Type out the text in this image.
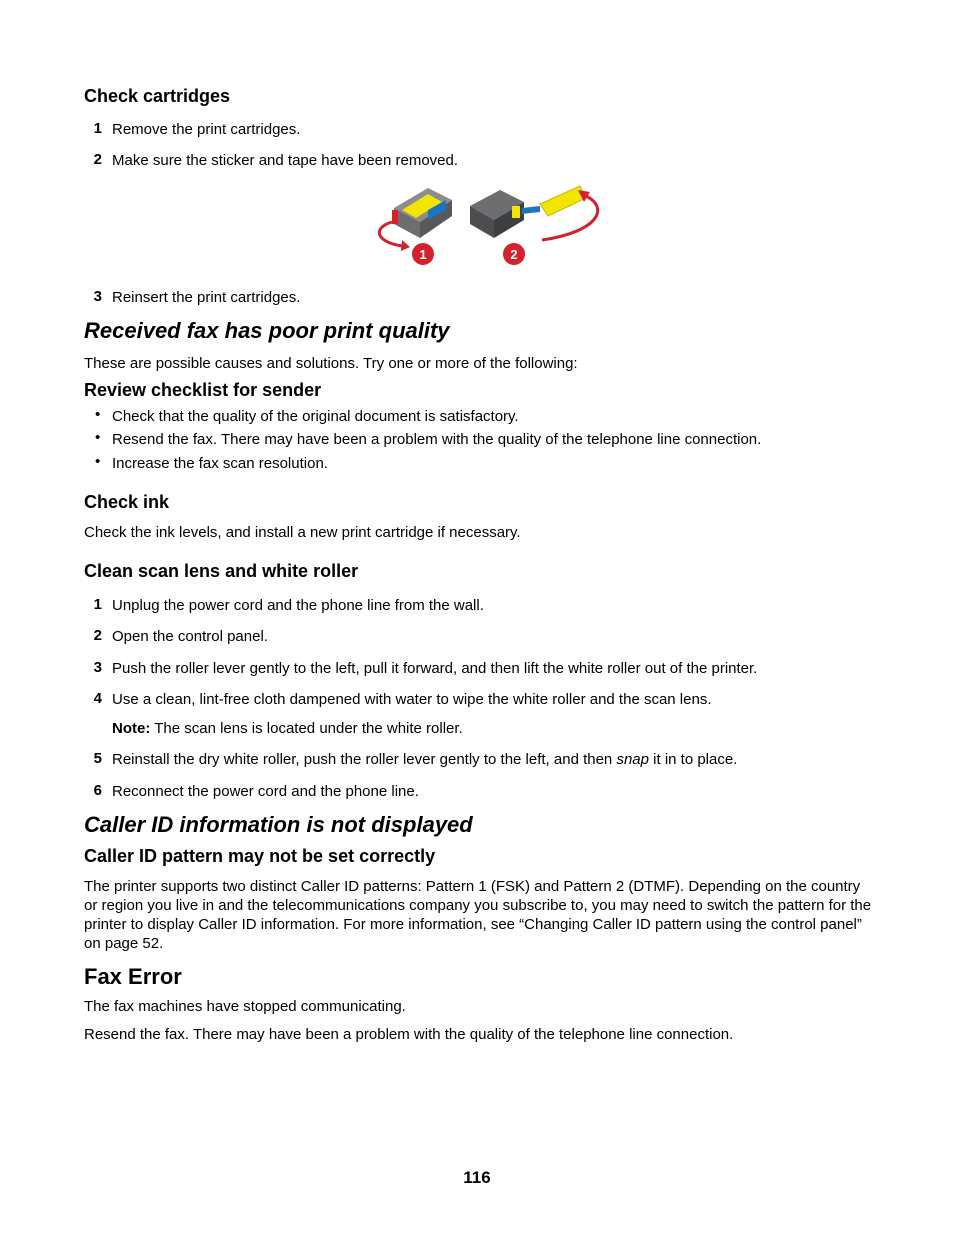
Check cartridges
1 Remove the print cartridges.
2 Make sure the sticker and tape have been removed.
1	2
3 Reinsert the print cartridges.
Received fax has poor print quality
These are possible causes and solutions. Try one or more of the following:
Review checklist for sender
• Check that the quality of the original document is satisfactory.
• Resend the fax. There may have been a problem with the quality of the telephone line connection.
• Increase the fax scan resolution.
Check ink
Check the ink levels, and install a new print cartridge if necessary.
Clean scan lens and white roller
1 Unplug the power cord and the phone line from the wall.
2 Open the control panel.
3 Push the roller lever gently to the left, pull it forward, and then lift the white roller out of the printer.
4 Use a clean, lint-free cloth dampened with water to wipe the white roller and the scan lens.
Note: The scan lens is located under the white roller.
5 Reinstall the dry white roller, push the roller lever gently to the left, and then snap it in to place.
6 Reconnect the power cord and the phone line.
Caller ID information is not displayed
Caller ID pattern may not be set correctly
The printer supports two distinct Caller ID patterns: Pattern 1 (FSK) and Pattern 2 (DTMF). Depending on the country or region you live in and the telecommunications company you subscribe to, you may need to switch the pattern for the printer to display Caller ID information. For more information, see “Changing Caller ID pattern using the control panel” on page 52.
Fax Error
The fax machines have stopped communicating.
Resend the fax. There may have been a problem with the quality of the telephone line connection.
116
